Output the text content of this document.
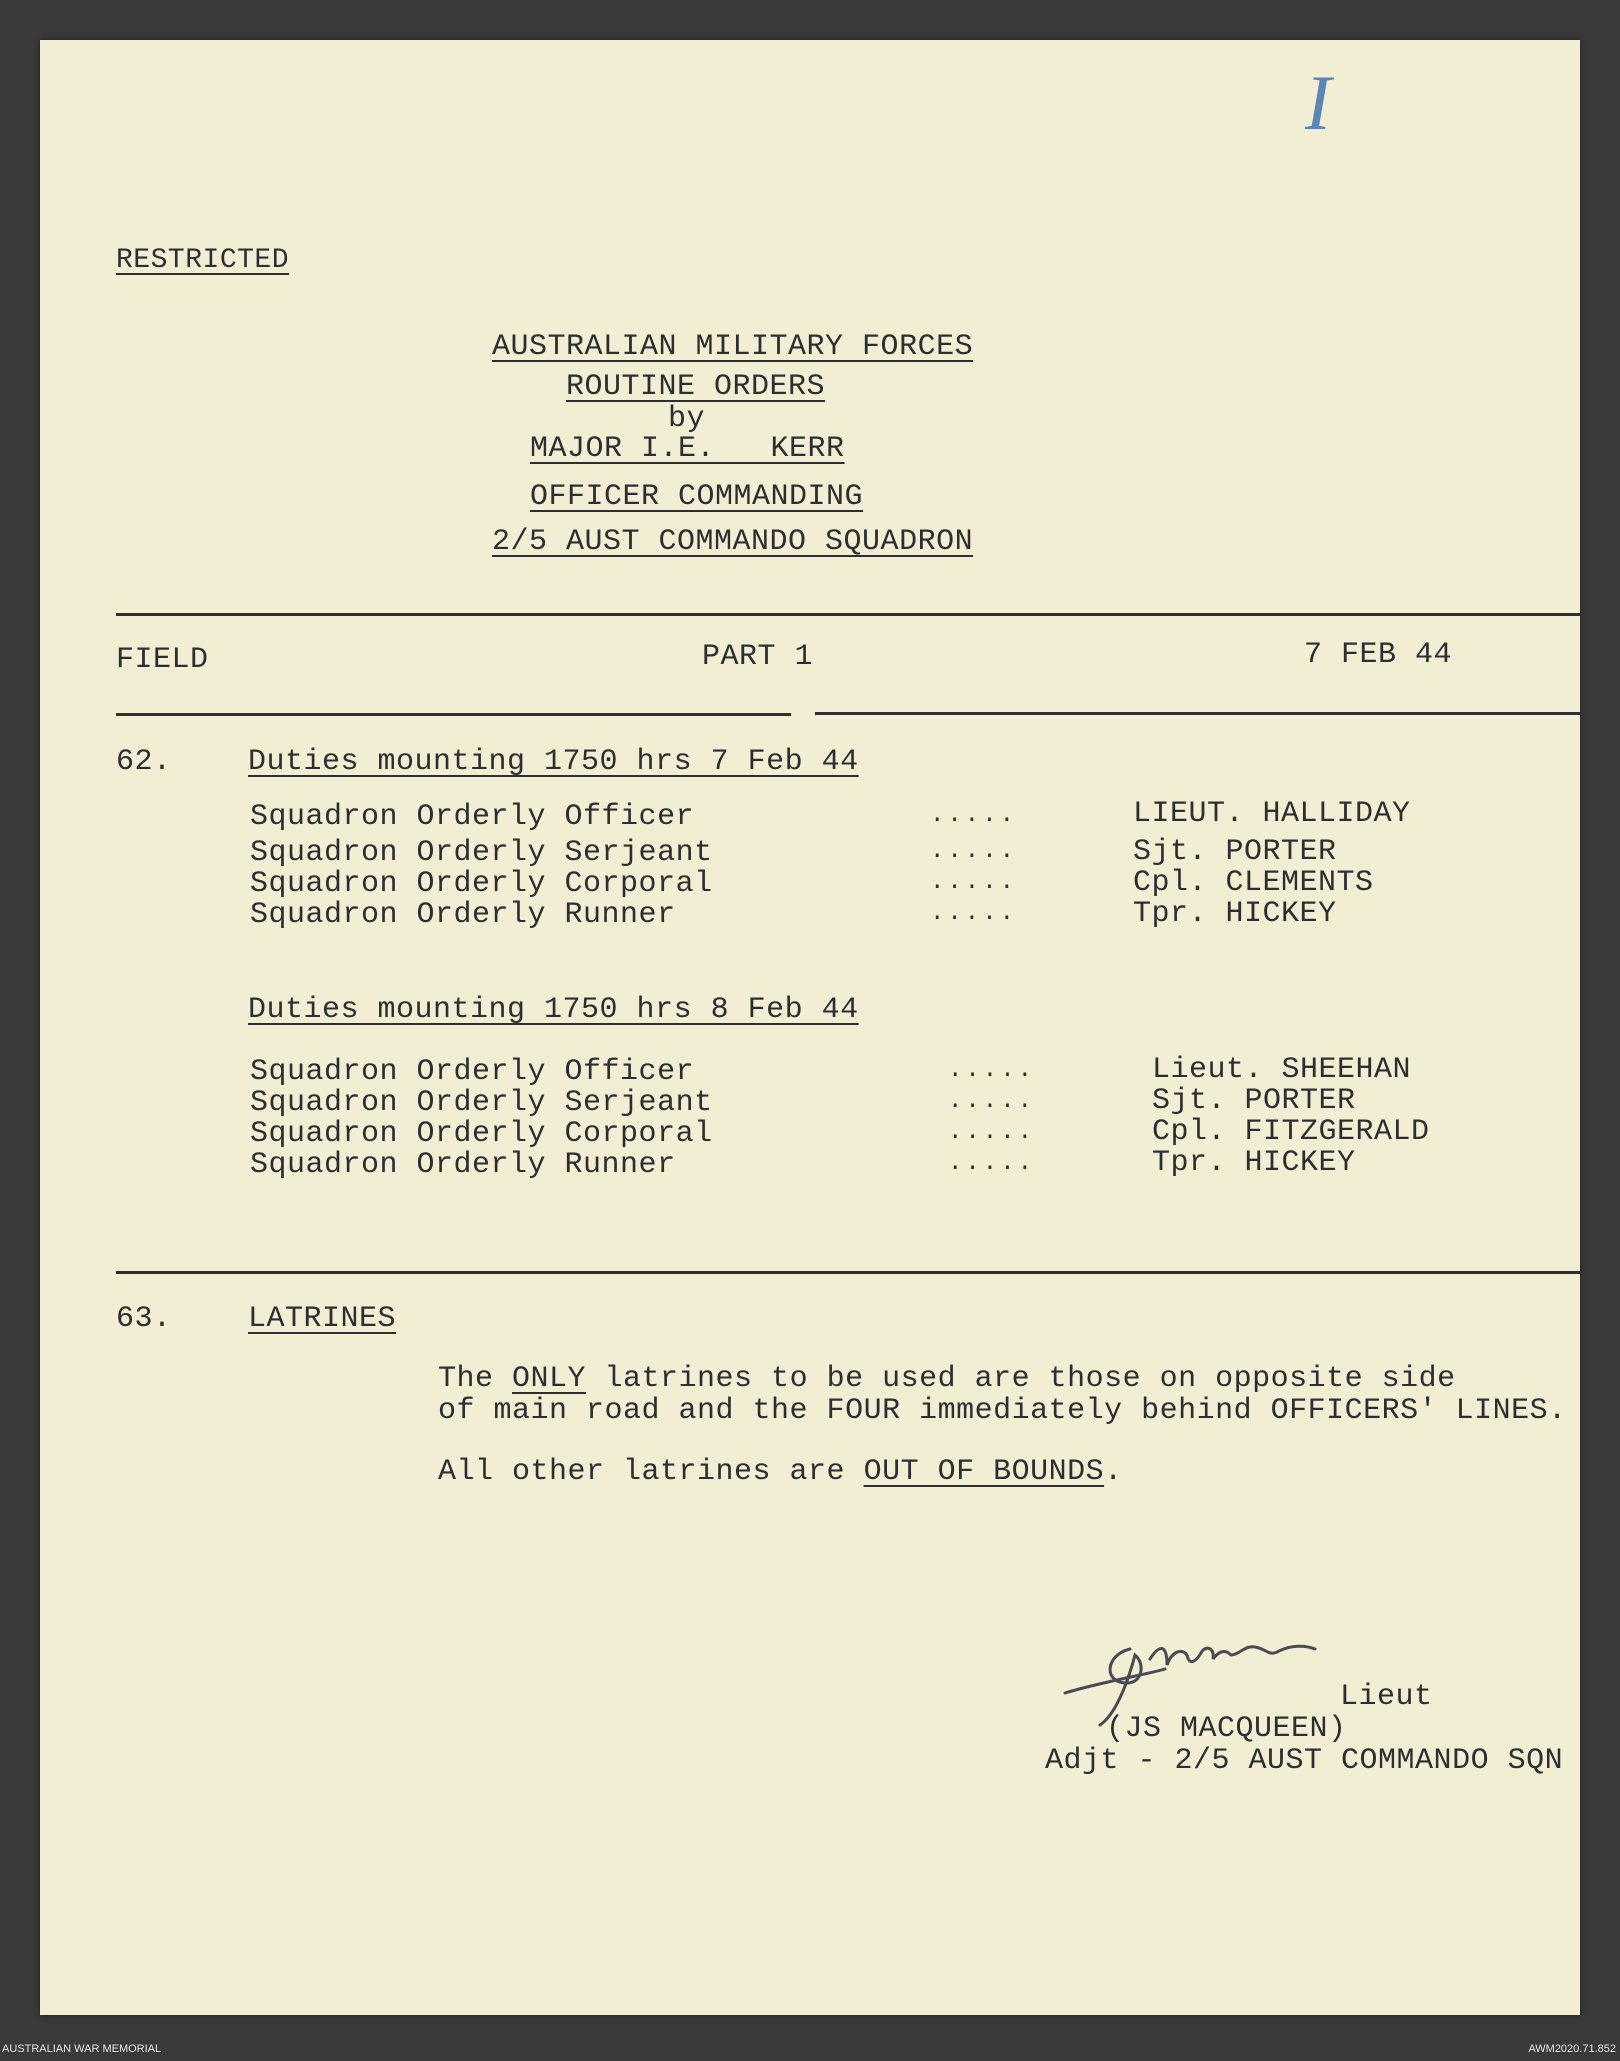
I
RESTRICTED
AUSTRALIAN MILITARY FORCES
ROUTINE ORDERS
by
MAJOR I.E.   KERR
OFFICER COMMANDING
2/5 AUST COMMANDO SQUADRON
FIELD	PART 1	7 FEB 44
62.	Duties mounting 1750 hrs 7 Feb 44
Squadron Orderly Officer	.....	LIEUT. HALLIDAY
Squadron Orderly Serjeant	.....	Sjt. PORTER
Squadron Orderly Corporal	.....	Cpl. CLEMENTS
Squadron Orderly Runner	.....	Tpr. HICKEY
Duties mounting 1750 hrs 8 Feb 44
Squadron Orderly Officer	.....	Lieut. SHEEHAN
Squadron Orderly Serjeant	.....	Sjt. PORTER
Squadron Orderly Corporal	.....	Cpl. FITZGERALD
Squadron Orderly Runner	.....	Tpr. HICKEY
63.	LATRINES
The ONLY latrines to be used are those on opposite side
of main road and the FOUR immediately behind OFFICERS' LINES.
All other latrines are OUT OF BOUNDS.
Lieut
(JS MACQUEEN)
Adjt - 2/5 AUST COMMANDO SQN
AUSTRALIAN WAR MEMORIAL	AWM2020.71.852
